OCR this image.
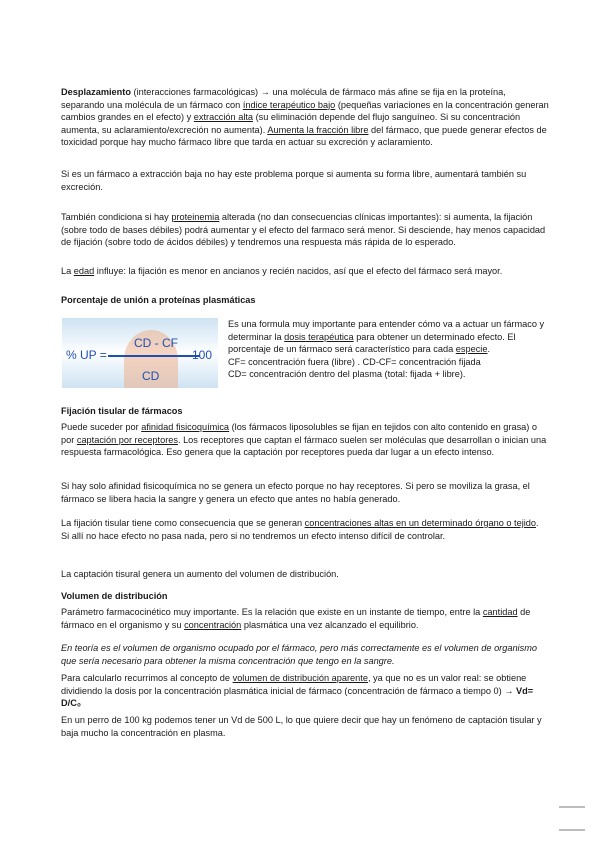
Desplazamiento (interacciones farmacológicas) → una molécula de fármaco más afine se fija en la proteína, separando una molécula de un fármaco con índice terapéutico bajo (pequeñas variaciones en la concentración generan cambios grandes en el efecto) y extracción alta (su eliminación depende del flujo sanguíneo. Si su concentración aumenta, su aclaramiento/excreción no aumenta). Aumenta la fracción libre del fármaco, que puede generar efectos de toxicidad porque hay mucho fármaco libre que tarda en actuar su excreción y aclaramiento.

Si es un fármaco a extracción baja no hay este problema porque si aumenta su forma libre, aumentará también su excreción.

También condiciona si hay proteinemia alterada (no dan consecuencias clínicas importantes): si aumenta, la fijación (sobre todo de bases débiles) podrá aumentar y el efecto del farmaco será menor. Si desciende, hay menos capacidad de fijación (sobre todo de ácidos débiles) y tendremos una respuesta más rápida de lo esperado.

La edad influye: la fijación es menor en ancianos y recién nacidos, así que el efecto del fármaco será mayor.

Porcentaje de unión a proteínas plasmáticas

CD - CF
% UP =	100
CD

Es una formula muy importante para entender cómo va a actuar un fármaco y determinar la dosis terapéutica para obtener un determinado efecto. El porcentaje de un fármaco será característico para cada especie.

CF= concentración fuera (libre) . CD-CF= concentración fijada

CD= concentración dentro del plasma (total: fijada + libre).

Fijación tisular de fármacos

Puede suceder por afinidad fisicoquímica (los fármacos liposolubles se fijan en tejidos con alto contenido en grasa) o por captación por receptores. Los receptores que captan el fármaco suelen ser moléculas que desarrollan o inician una respuesta farmacológica. Eso genera que la captación por receptores pueda dar lugar a un efecto intenso.

Si hay solo afinidad fisicoquímica no se genera un efecto porque no hay receptores. Si pero se moviliza la grasa, el fármaco se libera hacia la sangre y genera un efecto que antes no había generado.

La fijación tisular tiene como consecuencia que se generan concentraciones altas en un determinado órgano o tejido. Si allí no hace efecto no pasa nada, pero si no tendremos un efecto intenso difícil de controlar.

La captación tisural genera un aumento del volumen de distribución.

Volumen de distribución

Parámetro farmacocinético muy importante. Es la relación que existe en un instante de tiempo, entre la cantidad de fármaco en el organismo y su concentración plasmática una vez alcanzado el equilibrio.

En teoría es el volumen de organismo ocupado por el fármaco, pero más correctamente es el volumen de organismo que sería necesario para obtener la misma concentración que tengo en la sangre.

Para calcularlo recurrimos al concepto de volumen de distribución aparente, ya que no es un valor real: se obtiene dividiendo la dosis por la concentración plasmática inicial de fármaco (concentración de fármaco a tiempo 0) → Vd= D/C₀

En un perro de 100 kg podemos tener un Vd de 500 L, lo que quiere decir que hay un fenómeno de captación tisular y baja mucho la concentración en plasma.
